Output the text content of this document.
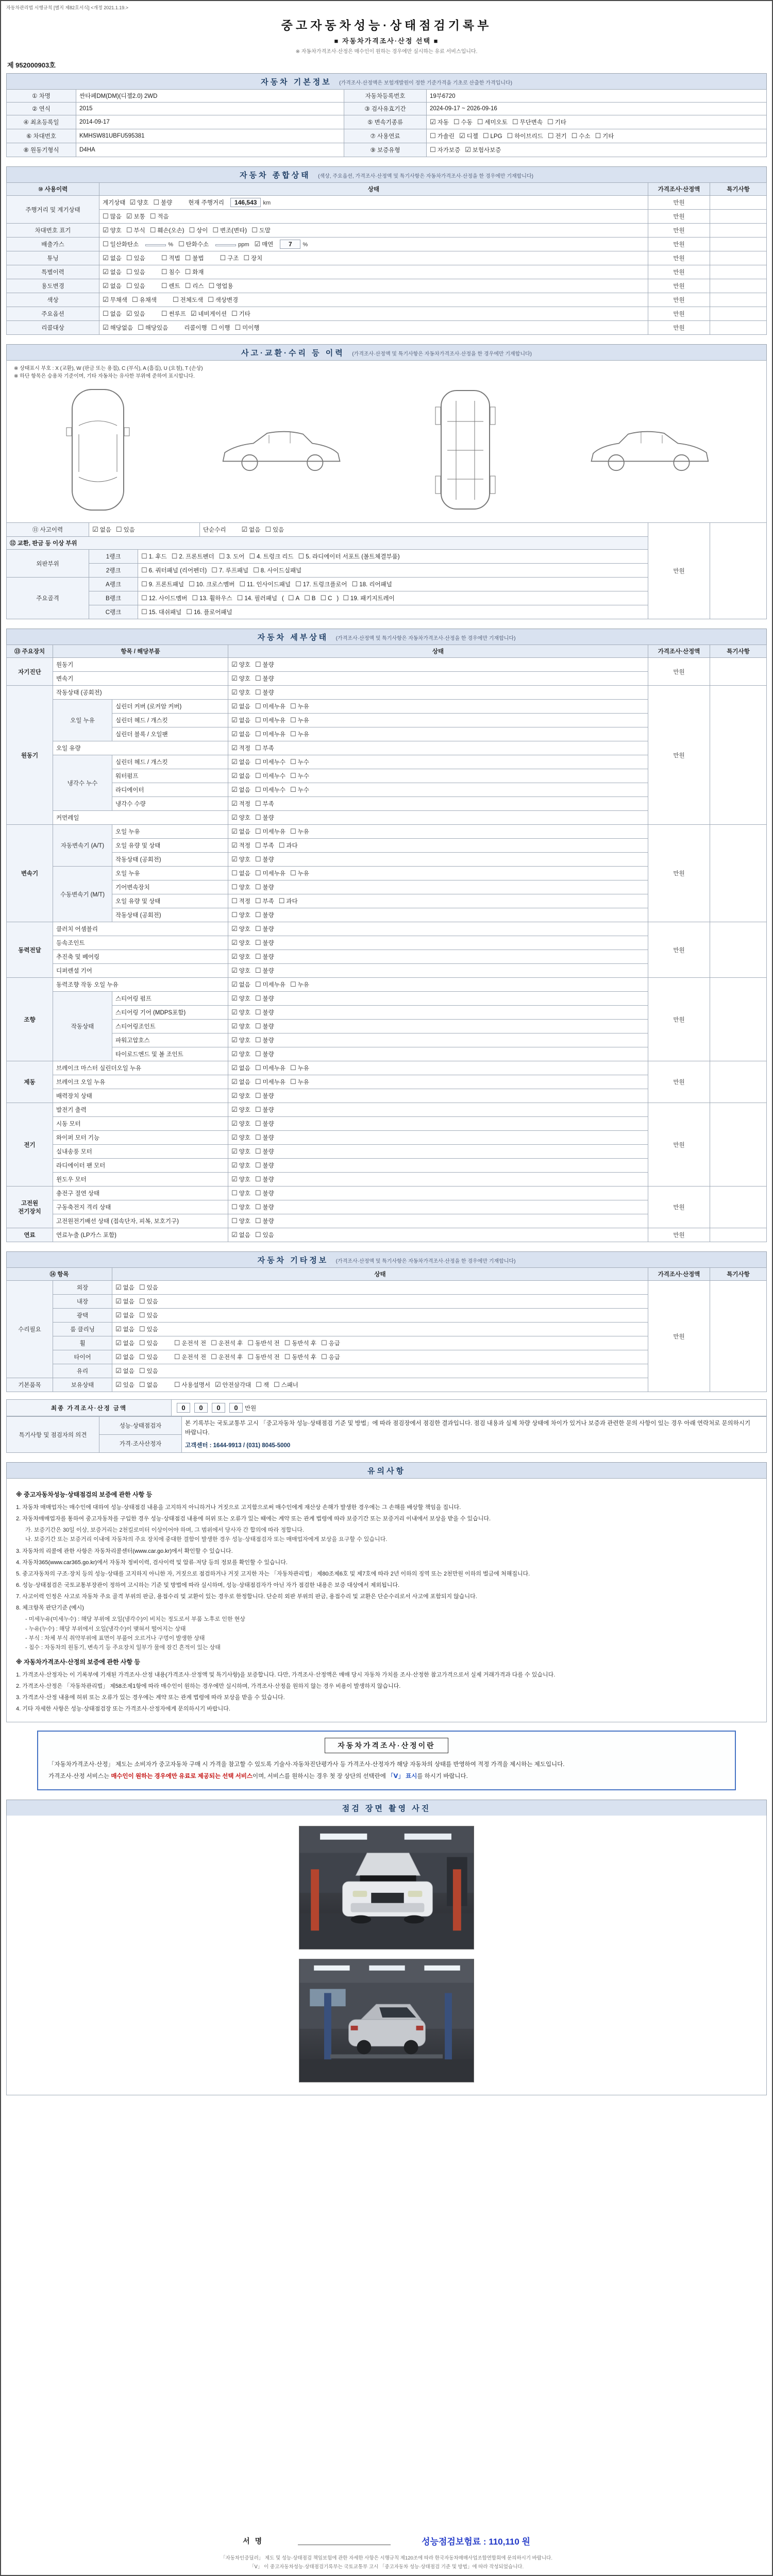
자동차관리법 시행규칙 [별지 제82호서식] <개정 2021.1.19.>
중고자동차성능·상태점검기록부
■ 자동차가격조사·산정 선택 ■
※ 자동차가격조사·산정은 매수인이 원하는 경우에만 실시하는 유료 서비스입니다.
제 952000903호
자동차 기본정보 (가격조사·산정액은 보험개발원이 정한 기준가격을 기초로 산출한 가격입니다)
① 차명	싼타페DM(DM)(디젤2.0) 2WD	자동차등록번호	19부6720
② 연식	2015	③ 검사유효기간	2024-09-17 ~ 2026-09-16
④ 최초등록일	2014-09-17	⑤ 변속기종류	☑ 자동 ☐ 수동 ☐ 세미오토 ☐ 무단변속 ☐ 기타
⑥ 차대번호	KMHSW81UBFU595381	⑦ 사용연료	☐ 가솔린 ☑ 디젤 ☐ LPG ☐ 하이브리드 ☐ 전기 ☐ 수소 ☐ 기타
⑧ 원동기형식	D4HA	⑨ 보증유형	☐ 자가보증 ☑ 보험사보증
자동차 종합상태 (색상, 주요옵션, 가격조사·산정액 및 특기사항은 자동차가격조사·산정을 한 경우에만 기재합니다)
⑩ 사용이력	상태	가격조사·산정액	특기사항
주행거리 및 계기상태	계기상태 ☑ 양호 ☐ 불량 현재 주행거리 146,543 km	만원	
	☐ 많음 ☑ 보통 ☐ 적음	만원	
차대번호 표기	☑ 양호 ☐ 부식 ☐ 훼손(오손) ☐ 상이 ☐ 변조(변타) ☐ 도말	만원	
배출가스	☐ 일산화탄소 % ☐ 탄화수소 ppm ☑ 매연 7 %	만원	
튜닝	☑ 없음 ☐ 있음 ☐ 적법 ☐ 불법 ☐ 구조 ☐ 장치	만원	
특별이력	☑ 없음 ☐ 있음 ☐ 침수 ☐ 화재	만원	
용도변경	☑ 없음 ☐ 있음 ☐ 렌트 ☐ 리스 ☐ 영업용	만원	
색상	☑ 무채색 ☐ 유채색 ☐ 전체도색 ☐ 색상변경	만원	
주요옵션	☐ 없음 ☑ 있음 ☐ 썬루프 ☑ 네비게이션 ☐ 기타	만원	
리콜대상	☑ 해당없음 ☐ 해당있음 리콜이행 ☐ 이행 ☐ 미이행	만원	
사고·교환·수리 등 이력 (가격조사·산정액 및 특기사항은 자동차가격조사·산정을 한 경우에만 기재합니다)
※ 상태표시 부호 : X (교환), W (판금 또는 용접), C (부식), A (흠집), U (요철), T (손상)
※ 하단 항목은 승용차 기준이며, 기타 자동차는 유사한 부위에 준하여 표시합니다.
⑪ 사고이력	☑ 없음 ☐ 있음		단순수리 ☑ 없음 ☐ 있음	만원	
⑫ 교환, 판금 등 이상 부위					
외판부위	1랭크	☐ 1. 후드 ☐ 2. 프론트펜더 ☐ 3. 도어 ☐ 4. 트렁크 리드 ☐ 5. 라디에이터 서포트 (볼트체결부품)			
	2랭크	☐ 6. 쿼터패널 (리어펜더) ☐ 7. 루프패널 ☐ 8. 사이드실패널			
주요골격	A랭크	☐ 9. 프론트패널 ☐ 10. 크로스멤버 ☐ 11. 인사이드패널 ☐ 17. 트렁크플로어 ☐ 18. 리어패널			
	B랭크	☐ 12. 사이드멤버 ☐ 13. 휠하우스 ☐ 14. 필러패널 ( ☐ A ☐ B ☐ C ) ☐ 19. 패키지트레이			
	C랭크	☐ 15. 대쉬패널 ☐ 16. 플로어패널			
자동차 세부상태 (가격조사·산정액 및 특기사항은 자동차가격조사·산정을 한 경우에만 기재합니다)
⑬ 주요장치	항목 / 해당부품		상태	가격조사·산정액	특기사항
자기진단	원동기		☑ 양호 ☐ 불량	만원	
	변속기		☑ 양호 ☐ 불량		
원동기	작동상태 (공회전)		☑ 양호 ☐ 불량	만원	
	오일 누유	실린더 커버 (로커암 커버)	☑ 없음 ☐ 미세누유 ☐ 누유		
		실린더 헤드 / 개스킷	☑ 없음 ☐ 미세누유 ☐ 누유		
		실린더 블록 / 오일팬	☑ 없음 ☐ 미세누유 ☐ 누유		
	오일 유량		☑ 적정 ☐ 부족		
	냉각수 누수	실린더 헤드 / 개스킷	☑ 없음 ☐ 미세누수 ☐ 누수		
		워터펌프	☑ 없음 ☐ 미세누수 ☐ 누수		
		라디에이터	☑ 없음 ☐ 미세누수 ☐ 누수		
		냉각수 수량	☑ 적정 ☐ 부족		
	커먼레일		☑ 양호 ☐ 불량		
변속기	자동변속기 (A/T)	오일 누유	☑ 없음 ☐ 미세누유 ☐ 누유	만원	
		오일 유량 및 상태	☑ 적정 ☐ 부족 ☐ 과다		
		작동상태 (공회전)	☑ 양호 ☐ 불량		
	수동변속기 (M/T)	오일 누유	☐ 없음 ☐ 미세누유 ☐ 누유		
		기어변속장치	☐ 양호 ☐ 불량		
		오일 유량 및 상태	☐ 적정 ☐ 부족 ☐ 과다		
		작동상태 (공회전)	☐ 양호 ☐ 불량		
동력전달	클러치 어셈블리		☑ 양호 ☐ 불량	만원	
	등속조인트		☑ 양호 ☐ 불량		
	추진축 및 베어링		☑ 양호 ☐ 불량		
	디퍼렌셜 기어		☑ 양호 ☐ 불량		
조향	동력조향 작동 오일 누유		☑ 없음 ☐ 미세누유 ☐ 누유	만원	
	작동상태	스티어링 펌프	☑ 양호 ☐ 불량		
		스티어링 기어 (MDPS포함)	☑ 양호 ☐ 불량		
		스티어링조인트	☑ 양호 ☐ 불량		
		파워고압호스	☑ 양호 ☐ 불량		
		타이로드엔드 및 볼 조인트	☑ 양호 ☐ 불량		
제동	브레이크 마스터 실린더오일 누유		☑ 없음 ☐ 미세누유 ☐ 누유	만원	
	브레이크 오일 누유		☑ 없음 ☐ 미세누유 ☐ 누유		
	배력장치 상태		☑ 양호 ☐ 불량		
전기	발전기 출력		☑ 양호 ☐ 불량	만원	
	시동 모터		☑ 양호 ☐ 불량		
	와이퍼 모터 기능		☑ 양호 ☐ 불량		
	실내송풍 모터		☑ 양호 ☐ 불량		
	라디에이터 팬 모터		☑ 양호 ☐ 불량		
	윈도우 모터		☑ 양호 ☐ 불량		
고전원 전기장치	충전구 절연 상태		☐ 양호 ☐ 불량	만원	
	구동축전지 격리 상태		☐ 양호 ☐ 불량		
	고전원전기배선 상태 (접속단자, 피복, 보호기구)		☐ 양호 ☐ 불량		
연료	연료누출 (LP가스 포함)		☑ 없음 ☐ 있음	만원	
자동차 기타정보 (가격조사·산정액 및 특기사항은 자동차가격조사·산정을 한 경우에만 기재합니다)
⑭ 항목		상태	가격조사·산정액	특기사항
수리필요	외장	☑ 없음 ☐ 있음	만원	
	내장	☑ 없음 ☐ 있음		
	광택	☑ 없음 ☐ 있음		
	룸 클리닝	☑ 없음 ☐ 있음		
	휠	☑ 없음 ☐ 있음 ☐ 운전석 전 ☐ 운전석 후 ☐ 동반석 전 ☐ 동반석 후 ☐ 응급		
	타이어	☑ 없음 ☐ 있음 ☐ 운전석 전 ☐ 운전석 후 ☐ 동반석 전 ☐ 동반석 후 ☐ 응급		
	유리	☑ 없음 ☐ 있음		
기본품목	보유상태	☑ 있음 ☐ 없음 ☐ 사용설명서 ☑ 안전삼각대 ☐ 잭 ☐ 스패너		
최종 가격조사·산정 금액	0 0 0 0 만원
특기사항 및 점검자의 의견	성능·상태점검자	본 기록부는 국토교통부 고시 「중고자동차 성능·상태점검 기준 및 방법」에 따라 점검장에서 점검한 결과입니다. 점검 내용과 실제 차량 상태에 차이가 있거나 보증과 관련한 문의 사항이 있는 경우 아래 연락처로 문의하시기 바랍니다.
고객센터 : 1644-9913 / (031) 8045-5000

가격·조사산정자
유의사항
※ 중고자동차성능·상태점검의 보증에 관한 사항 등
1. 자동차 매매업자는 매수인에 대하여 성능·상태점검 내용을 고지하지 아니하거나 거짓으로 고지함으로써 매수인에게 재산상 손해가 발생한 경우에는 그 손해를 배상할 책임을 집니다.
2. 자동차매매업자를 통하여 중고자동차를 구입한 경우 성능·상태점검 내용에 허위 또는 오류가 있는 때에는 계약 또는 관계 법령에 따라 보증기간 또는 보증거리 이내에서 보상을 받을 수 있습니다.
가. 보증기간은 30일 이상, 보증거리는 2천킬로미터 이상이어야 하며, 그 범위에서 당사자 간 합의에 따라 정합니다.
나. 보증기간 또는 보증거리 이내에 자동차의 주요 장치에 중대한 결함이 발생한 경우 성능·상태점검자 또는 매매업자에게 보상을 요구할 수 있습니다.
3. 자동차의 리콜에 관한 사항은 자동차리콜센터(www.car.go.kr)에서 확인할 수 있습니다.
4. 자동차365(www.car365.go.kr)에서 자동차 정비이력, 검사이력 및 압류·저당 등의 정보를 확인할 수 있습니다.
5. 중고자동차의 구조·장치 등의 성능·상태를 고지하지 아니한 자, 거짓으로 점검하거나 거짓 고지한 자는 「자동차관리법」 제80조제6호 및 제7호에 따라 2년 이하의 징역 또는 2천만원 이하의 벌금에 처해집니다.
6. 성능·상태점검은 국토교통부장관이 정하여 고시하는 기준 및 방법에 따라 실시하며, 성능·상태점검자가 아닌 자가 점검한 내용은 보증 대상에서 제외됩니다.
7. 사고이력 인정은 사고로 자동차 주요 골격 부위의 판금, 용접수리 및 교환이 있는 경우로 한정합니다. 단순히 외판 부위의 판금, 용접수리 및 교환은 단순수리로서 사고에 포함되지 않습니다.
8. 체크항목 판단기준 (예시)
- 미세누유(미세누수) : 해당 부위에 오일(냉각수)이 비치는 정도로서 부품 노후로 인한 현상
- 누유(누수) : 해당 부위에서 오일(냉각수)이 맺혀서 떨어지는 상태
- 부식 : 차체 부식 취약부위에 표면이 부풀어 오르거나 구멍이 발생한 상태
- 침수 : 자동차의 원동기, 변속기 등 주요장치 일부가 물에 잠긴 흔적이 있는 상태
※ 자동차가격조사·산정의 보증에 관한 사항 등
1. 가격조사·산정자는 이 기록부에 기재된 가격조사·산정 내용(가격조사·산정액 및 특기사항)을 보증합니다. 다만, 가격조사·산정액은 매매 당시 자동차 가치를 조사·산정한 참고가격으로서 실제 거래가격과 다를 수 있습니다.
2. 가격조사·산정은 「자동차관리법」 제58조제1항에 따라 매수인이 원하는 경우에만 실시하며, 가격조사·산정을 원하지 않는 경우 비용이 발생하지 않습니다.
3. 가격조사·산정 내용에 허위 또는 오류가 있는 경우에는 계약 또는 관계 법령에 따라 보상을 받을 수 있습니다.
4. 기타 자세한 사항은 성능·상태점검장 또는 가격조사·산정자에게 문의하시기 바랍니다.
자동차가격조사·산정이란
「자동차가격조사·산정」 제도는 소비자가 중고자동차 구매 시 가격을 참고할 수 있도록 기술사·자동차진단평가사 등 가격조사·산정자가 해당 자동차의 상태를 반영하여 적정 가격을 제시하는 제도입니다.
가격조사·산정 서비스는 매수인이 원하는 경우에만 유료로 제공되는 선택 서비스이며, 서비스를 원하시는 경우 첫 장 상단의 선택란에 「Ⅴ」 표시를 하시기 바랍니다.
점검 장면 촬영 사진
서명	성능점검보험료 : 110,110 원
「자동차인증딜러」 제도 및 성능·상태점검 책임보험에 관한 자세한 사항은 시행규칙 제120조에 따라 한국자동차매매사업조합연합회에 문의하시기 바랍니다.
「Ⅴ」 이 중고자동차성능·상태점검기록부는 국토교통부 고시 「중고자동차 성능·상태점검 기준 및 방법」에 따라 작성되었습니다.
